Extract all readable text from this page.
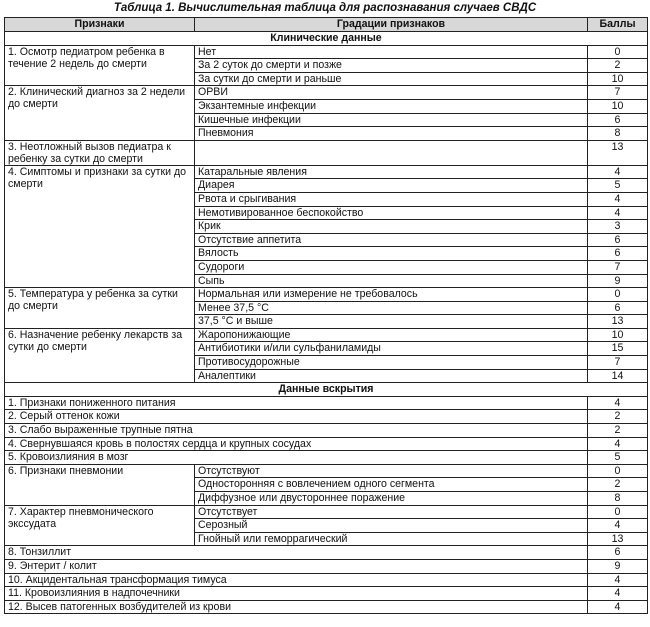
Таблица 1. Вычислительная таблица для распознавания случаев СВДС
Признаки	Градации признаков	Баллы
Клинические данные		
1. Осмотр педиатром ребенка в течение 2 недель до смерти	Нет	0
	За 2 суток до смерти и позже	2
	За сутки до смерти и раньше	10
2. Клинический диагноз за 2 недели до смерти	ОРВИ	7
	Экзантемные инфекции	10
	Кишечные инфекции	6
	Пневмония	8
3. Неотложный вызов педиатра к ребенку за сутки до смерти		13
4. Симптомы и признаки за сутки до смерти	Катаральные явления	4
	Диарея	5
	Рвота и срыгивания	4
	Немотивированное беспокойство	4
	Крик	3
	Отсутствие аппетита	6
	Вялость	6
	Судороги	7
	Сыпь	9
5. Температура у ребенка за сутки до смерти	Нормальная или измерение не требовалось	0
	Менее 37,5 °С	6
	37,5 °С и выше	13
6. Назначение ребенку лекарств за сутки до смерти	Жаропонижающие	10
	Антибиотики и/или сульфаниламиды	15
	Противосудорожные	7
	Аналептики	14
Данные вскрытия		
1. Признаки пониженного питания		4
2. Серый оттенок кожи		2
3. Слабо выраженные трупные пятна		2
4. Свернувшаяся кровь в полостях сердца и крупных сосудах		4
5. Кровоизлияния в мозг		5
6. Признаки пневмонии	Отсутствуют	0
	Односторонняя с вовлечением одного сегмента	2
	Диффузное или двустороннее поражение	8
7. Характер пневмонического экссудата	Отсутствует	0
	Серозный	4
	Гнойный или геморрагический	13
8. Тонзиллит		6
9. Энтерит / колит		9
10. Акцидентальная трансформация тимуса		4
11. Кровоизлияния в надпочечники		4
12. Высев патогенных возбудителей из крови		4
